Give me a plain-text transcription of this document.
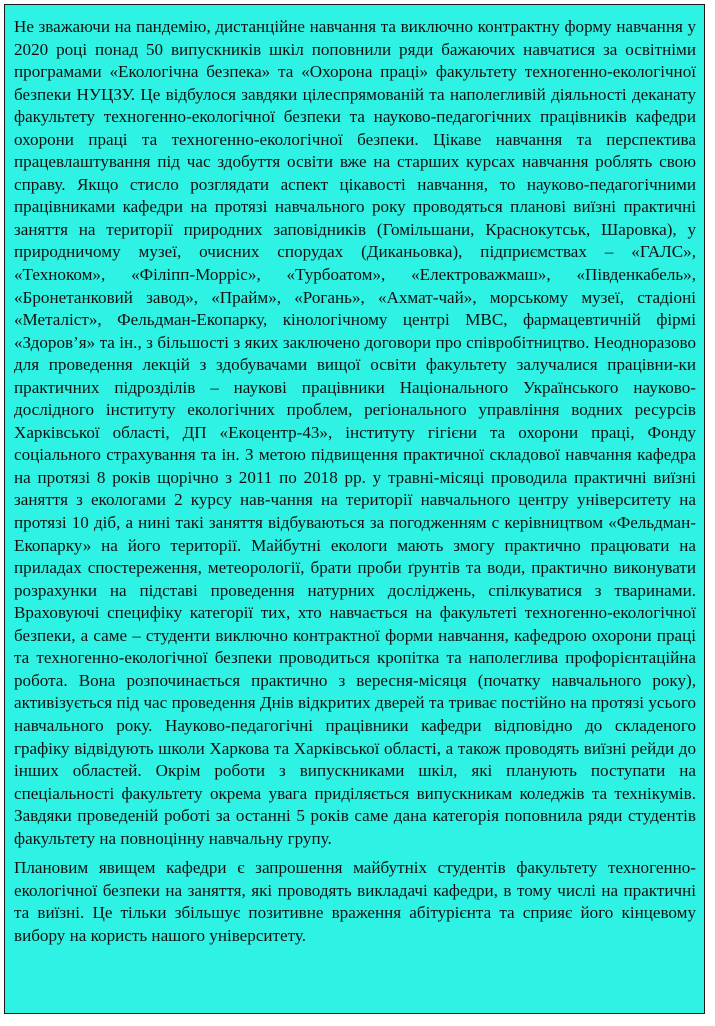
Не зважаючи на пандемію, дистанційне навчання та виключно контрактну форму навчання у 2020 році понад 50 випускників шкіл поповнили ряди бажаючих навчатися за освітніми програмами «Екологічна безпека» та «Охорона праці» факультету техногенно-екологічної безпеки НУЦЗУ. Це відбулося завдяки цілеспрямованій та наполегливій діяльності деканату факультету техногенно-екологічної безпеки та науково-педагогічних працівників кафедри охорони праці та техногенно-екологічної безпеки. Цікаве навчання та перспектива працевлаштування під час здобуття освіти вже на старших курсах навчання роблять свою справу. Якщо стисло розглядати аспект цікавості навчання, то науково-педагогічними працівниками кафедри на протязі навчального року проводяться планові виїзні практичні заняття на території природних заповідників (Гомільшани, Краснокутськ, Шаровка), у природничому музеї, очисних спорудах (Диканьовка), підприємствах – «ГАЛС», «Техноком», «Філіпп-Морріс», «Турбоатом», «Електроважмаш», «Південкабель», «Бронетанковий завод», «Прайм», «Рогань», «Ахмат-чай», морському музеї, стадіоні «Металіст», Фельдман-Екопарку, кінологічному центрі МВС, фармацевтичній фірмі «Здоров’я» та ін., з більшості з яких заключено договори про співробітництво. Неодноразово для проведення лекцій з здобувачами вищої освіти факультету залучалися працівни-ки практичних підрозділів – наукові працівники Національного Українського науково-дослідного інституту екологічних проблем, регіонального управління водних ресурсів Харківської області, ДП «Екоцентр-43», інституту гігієни та охорони праці, Фонду соціального страхування та ін. З метою підвищення практичної складової навчання кафедра на протязі 8 років щорічно з 2011 по 2018 рр. у травні-місяці проводила практичні виїзні заняття з екологами 2 курсу нав-чання на території навчального центру університету на протязі 10 діб, а нині такі заняття відбуваються за погодженням с керівництвом «Фельдман-Екопарку» на його території. Майбутні екологи мають змогу практично працювати на приладах спостереження, метеорології, брати проби ґрунтів та води, практично виконувати розрахунки на підставі проведення натурних досліджень, спілкуватися з тваринами. Враховуючі специфіку категорії тих, хто навчається на факультеті техногенно-екологічної безпеки, а саме – студенти виключно контрактної форми навчання, кафедрою охорони праці та техногенно-екологічної безпеки проводиться кропітка та наполеглива профорієнтаційна робота. Вона розпочинається практично з вересня-місяця (початку навчального року), активізується під час проведення Днів відкритих дверей та триває постійно на протязі усього навчального року. Науково-педагогічні працівники кафедри відповідно до складеного графіку відвідують школи Харкова та Харківської області, а також проводять виїзні рейди до інших областей. Окрім роботи з випускниками шкіл, які планують поступати на спеціальності факультету окрема увага приділяється випускникам коледжів та технікумів. Завдяки проведеній роботі за останні 5 років саме дана категорія поповнила ряди студентів факультету на повноцінну навчальну групу.

Плановим явищем кафедри є запрошення майбутніх студентів факультету техногенно-екологічної безпеки на заняття, які проводять викладачі кафедри, в тому числі на практичні та виїзні. Це тільки збільшує позитивне враження абітурієнта та сприяє його кінцевому вибору на користь нашого університету.
